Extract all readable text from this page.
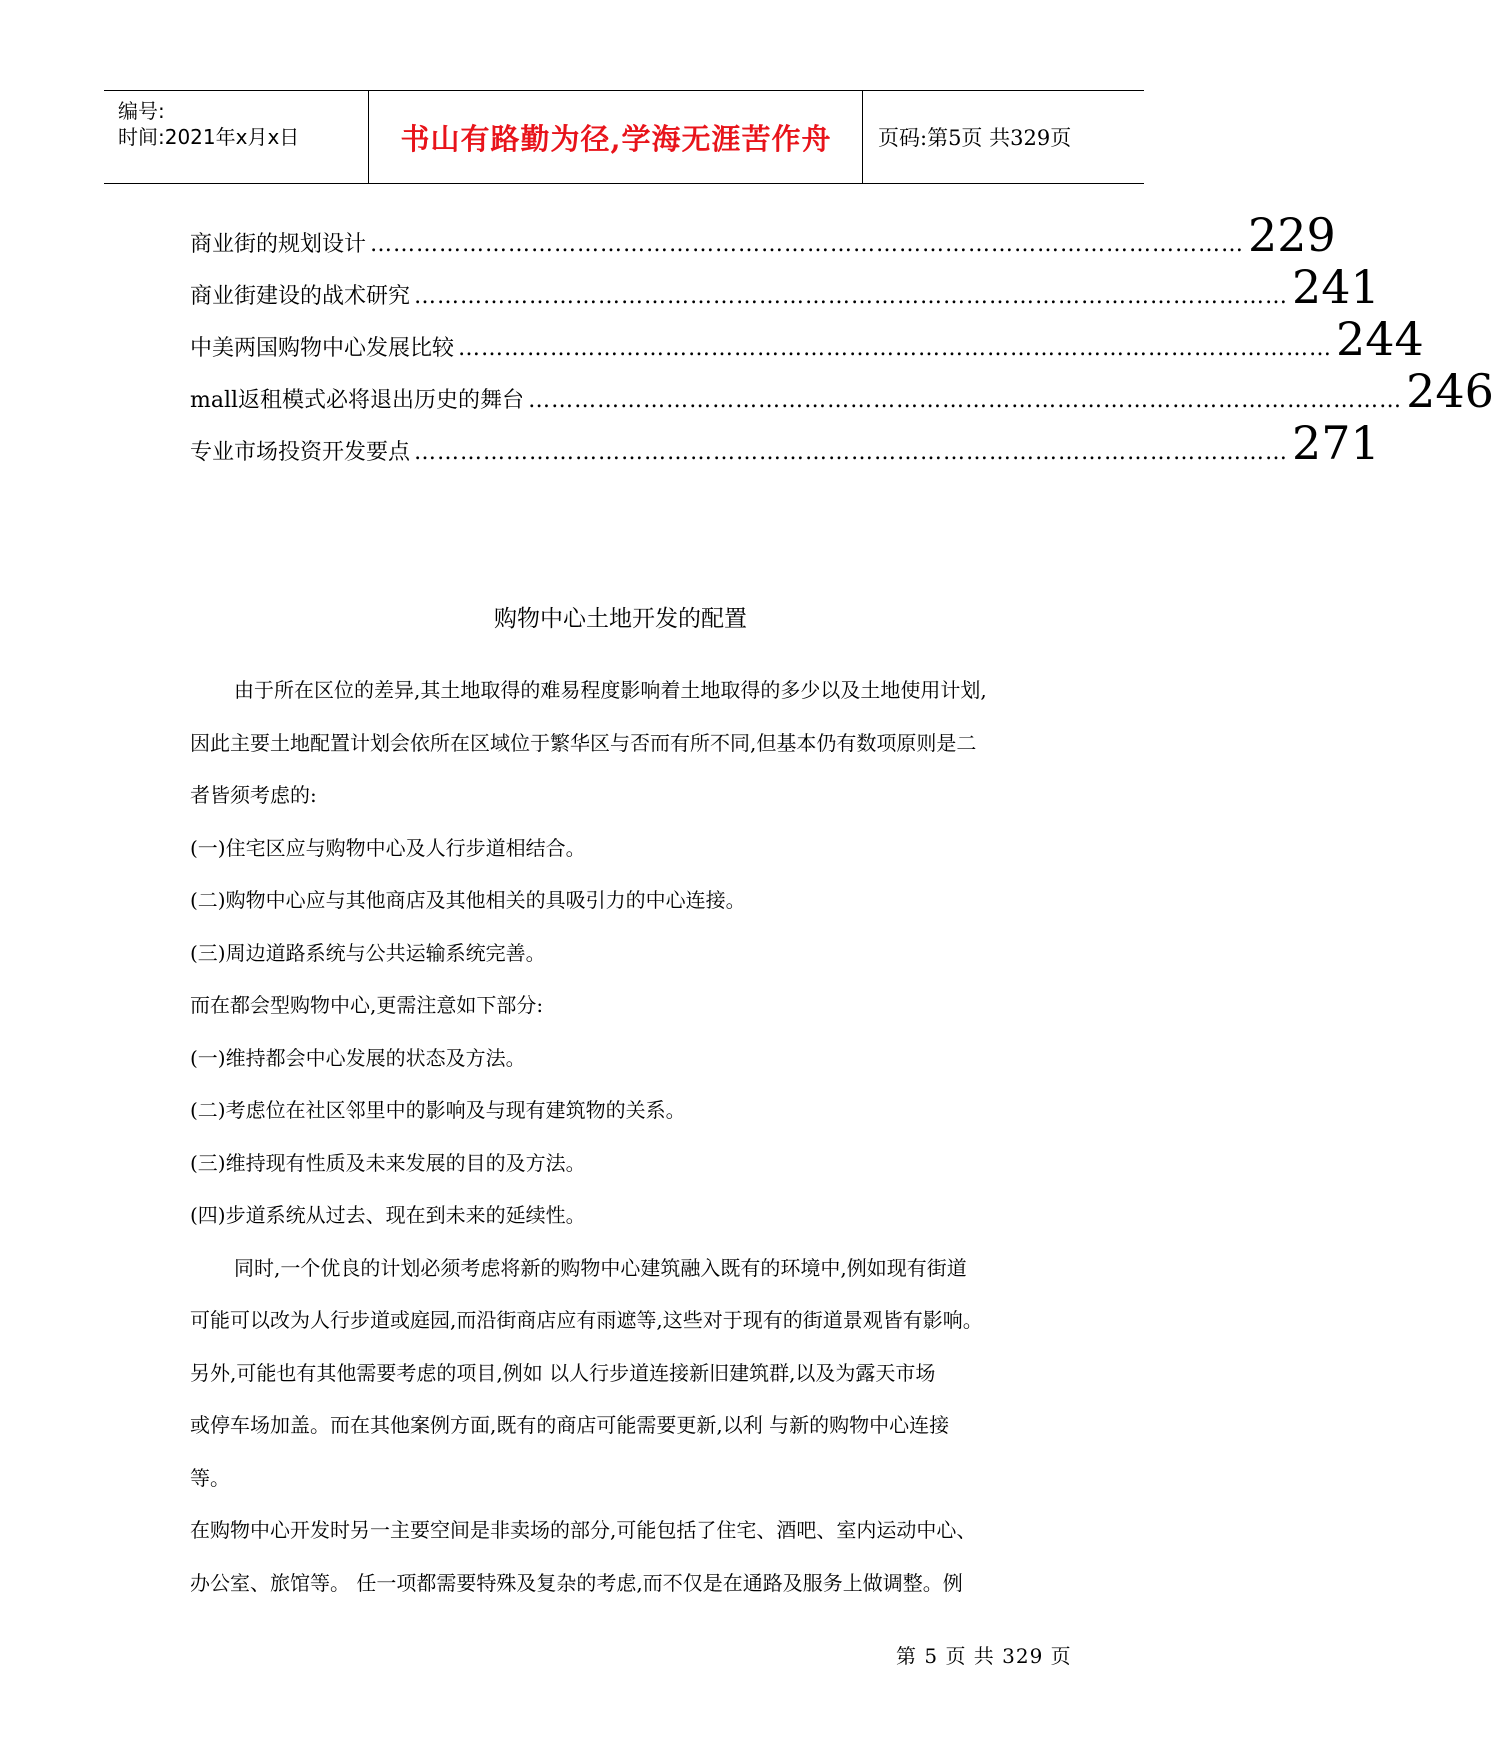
编号:
时间:2021年x月x日	书山有路勤为径,学海无涯苦作舟	页码:第5页 共329页
商业街的规划设计 …………………………………………………………………………………………………… 229
商业街建设的战术研究 …………………………………………………………………………………………………… 241
中美两国购物中心发展比较 …………………………………………………………………………………………………… 244
mall返租模式必将退出历史的舞台 …………………………………………………………………………………………………… 246
专业市场投资开发要点 …………………………………………………………………………………………………… 271
购物中心土地开发的配置
由于所在区位的差异,其土地取得的难易程度影响着土地取得的多少以及土地使用计划,
因此主要土地配置计划会依所在区域位于繁华区与否而有所不同,但基本仍有数项原则是二
者皆须考虑的:
(一)住宅区应与购物中心及人行步道相结合。
(二)购物中心应与其他商店及其他相关的具吸引力的中心连接。
(三)周边道路系统与公共运输系统完善。
而在都会型购物中心,更需注意如下部分:
(一)维持都会中心发展的状态及方法。
(二)考虑位在社区邻里中的影响及与现有建筑物的关系。
(三)维持现有性质及未来发展的目的及方法。
(四)步道系统从过去、现在到未来的延续性。
同时,一个优良的计划必须考虑将新的购物中心建筑融入既有的环境中,例如现有街道
可能可以改为人行步道或庭园,而沿街商店应有雨遮等,这些对于现有的街道景观皆有影响。
另外,可能也有其他需要考虑的项目,例如 以人行步道连接新旧建筑群,以及为露天市场
或停车场加盖。而在其他案例方面,既有的商店可能需要更新,以利 与新的购物中心连接
等。
在购物中心开发时另一主要空间是非卖场的部分,可能包括了住宅、酒吧、室内运动中心、
办公室、旅馆等。 任一项都需要特殊及复杂的考虑,而不仅是在通路及服务上做调整。例
第 5 页 共 329 页
